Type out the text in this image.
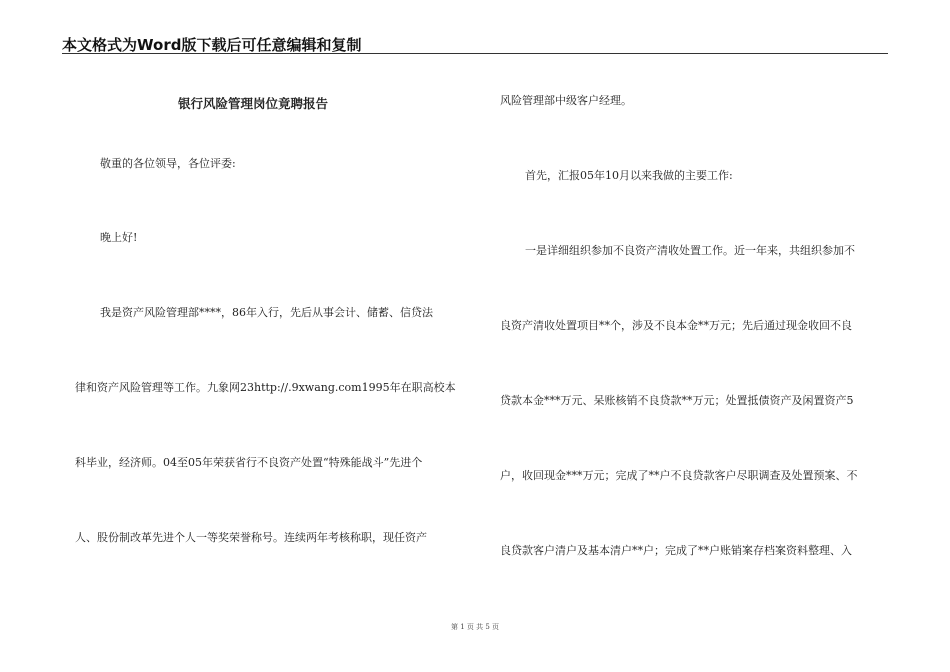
本文格式为Word版下载后可任意编辑和复制
银行风险管理岗位竟聘报告
敬重的各位领导，各位评委:
晚上好!
我是资产风险管理部****，86年入行，先后从事会计、储蓄、信贷法
律和资产风险管理等工作。九象网23http://.9xwang.com1995年在职高校本
科毕业，经济师。04至05年荣获省行不良资产处置“特殊能战斗”先进个
人、股份制改革先进个人一等奖荣誉称号。连续两年考核称职，现任资产
风险管理部中级客户经理。
首先，汇报05年10月以来我做的主要工作:
一是详细组织参加不良资产清收处置工作。近一年来，共组织参加不
良资产清收处置项目**个，涉及不良本金**万元；先后通过现金收回不良
贷款本金***万元、呆账核销不良贷款**万元；处置抵债资产及闲置资产5
户，收回现金***万元；完成了**户不良贷款客户尽职调查及处置预案、不
良贷款客户清户及基本清户**户；完成了**户账销案存档案资料整理、入
第 1 页 共 5 页
